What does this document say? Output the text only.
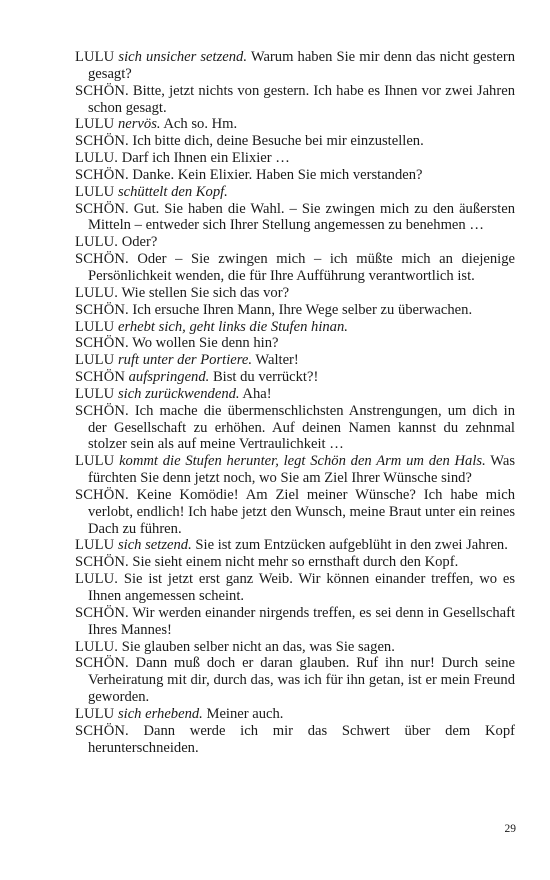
LULU sich unsicher setzend. Warum haben Sie mir denn das nicht gestern gesagt?

SCHÖN. Bitte, jetzt nichts von gestern. Ich habe es Ihnen vor zwei Jahren schon gesagt.

LULU nervös. Ach so. Hm.

SCHÖN. Ich bitte dich, deine Besuche bei mir einzustellen.

LULU. Darf ich Ihnen ein Elixier …

SCHÖN. Danke. Kein Elixier. Haben Sie mich verstanden?

LULU schüttelt den Kopf.

SCHÖN. Gut. Sie haben die Wahl. – Sie zwingen mich zu den äußersten Mitteln – entweder sich Ihrer Stellung angemessen zu benehmen …

LULU. Oder?

SCHÖN. Oder – Sie zwingen mich – ich müßte mich an diejenige Persönlichkeit wenden, die für Ihre Aufführung verantwortlich ist.

LULU. Wie stellen Sie sich das vor?

SCHÖN. Ich ersuche Ihren Mann, Ihre Wege selber zu überwachen.

LULU erhebt sich, geht links die Stufen hinan.

SCHÖN. Wo wollen Sie denn hin?

LULU ruft unter der Portiere. Walter!

SCHÖN aufspringend. Bist du verrückt?!

LULU sich zurückwendend. Aha!

SCHÖN. Ich mache die übermenschlichsten Anstrengungen, um dich in der Gesellschaft zu erhöhen. Auf deinen Namen kannst du zehnmal stolzer sein als auf meine Vertraulichkeit …

LULU kommt die Stufen herunter, legt Schön den Arm um den Hals. Was fürchten Sie denn jetzt noch, wo Sie am Ziel Ihrer Wünsche sind?

SCHÖN. Keine Komödie! Am Ziel meiner Wünsche? Ich habe mich verlobt, endlich! Ich habe jetzt den Wunsch, meine Braut unter ein reines Dach zu führen.

LULU sich setzend. Sie ist zum Entzücken aufgeblüht in den zwei Jahren.

SCHÖN. Sie sieht einem nicht mehr so ernsthaft durch den Kopf.

LULU. Sie ist jetzt erst ganz Weib. Wir können einander treffen, wo es Ihnen angemessen scheint.

SCHÖN. Wir werden einander nirgends treffen, es sei denn in Gesellschaft Ihres Mannes!

LULU. Sie glauben selber nicht an das, was Sie sagen.

SCHÖN. Dann muß doch er daran glauben. Ruf ihn nur! Durch seine Verheiratung mit dir, durch das, was ich für ihn getan, ist er mein Freund geworden.

LULU sich erhebend. Meiner auch.

SCHÖN. Dann werde ich mir das Schwert über dem Kopf herunterschneiden.

29
